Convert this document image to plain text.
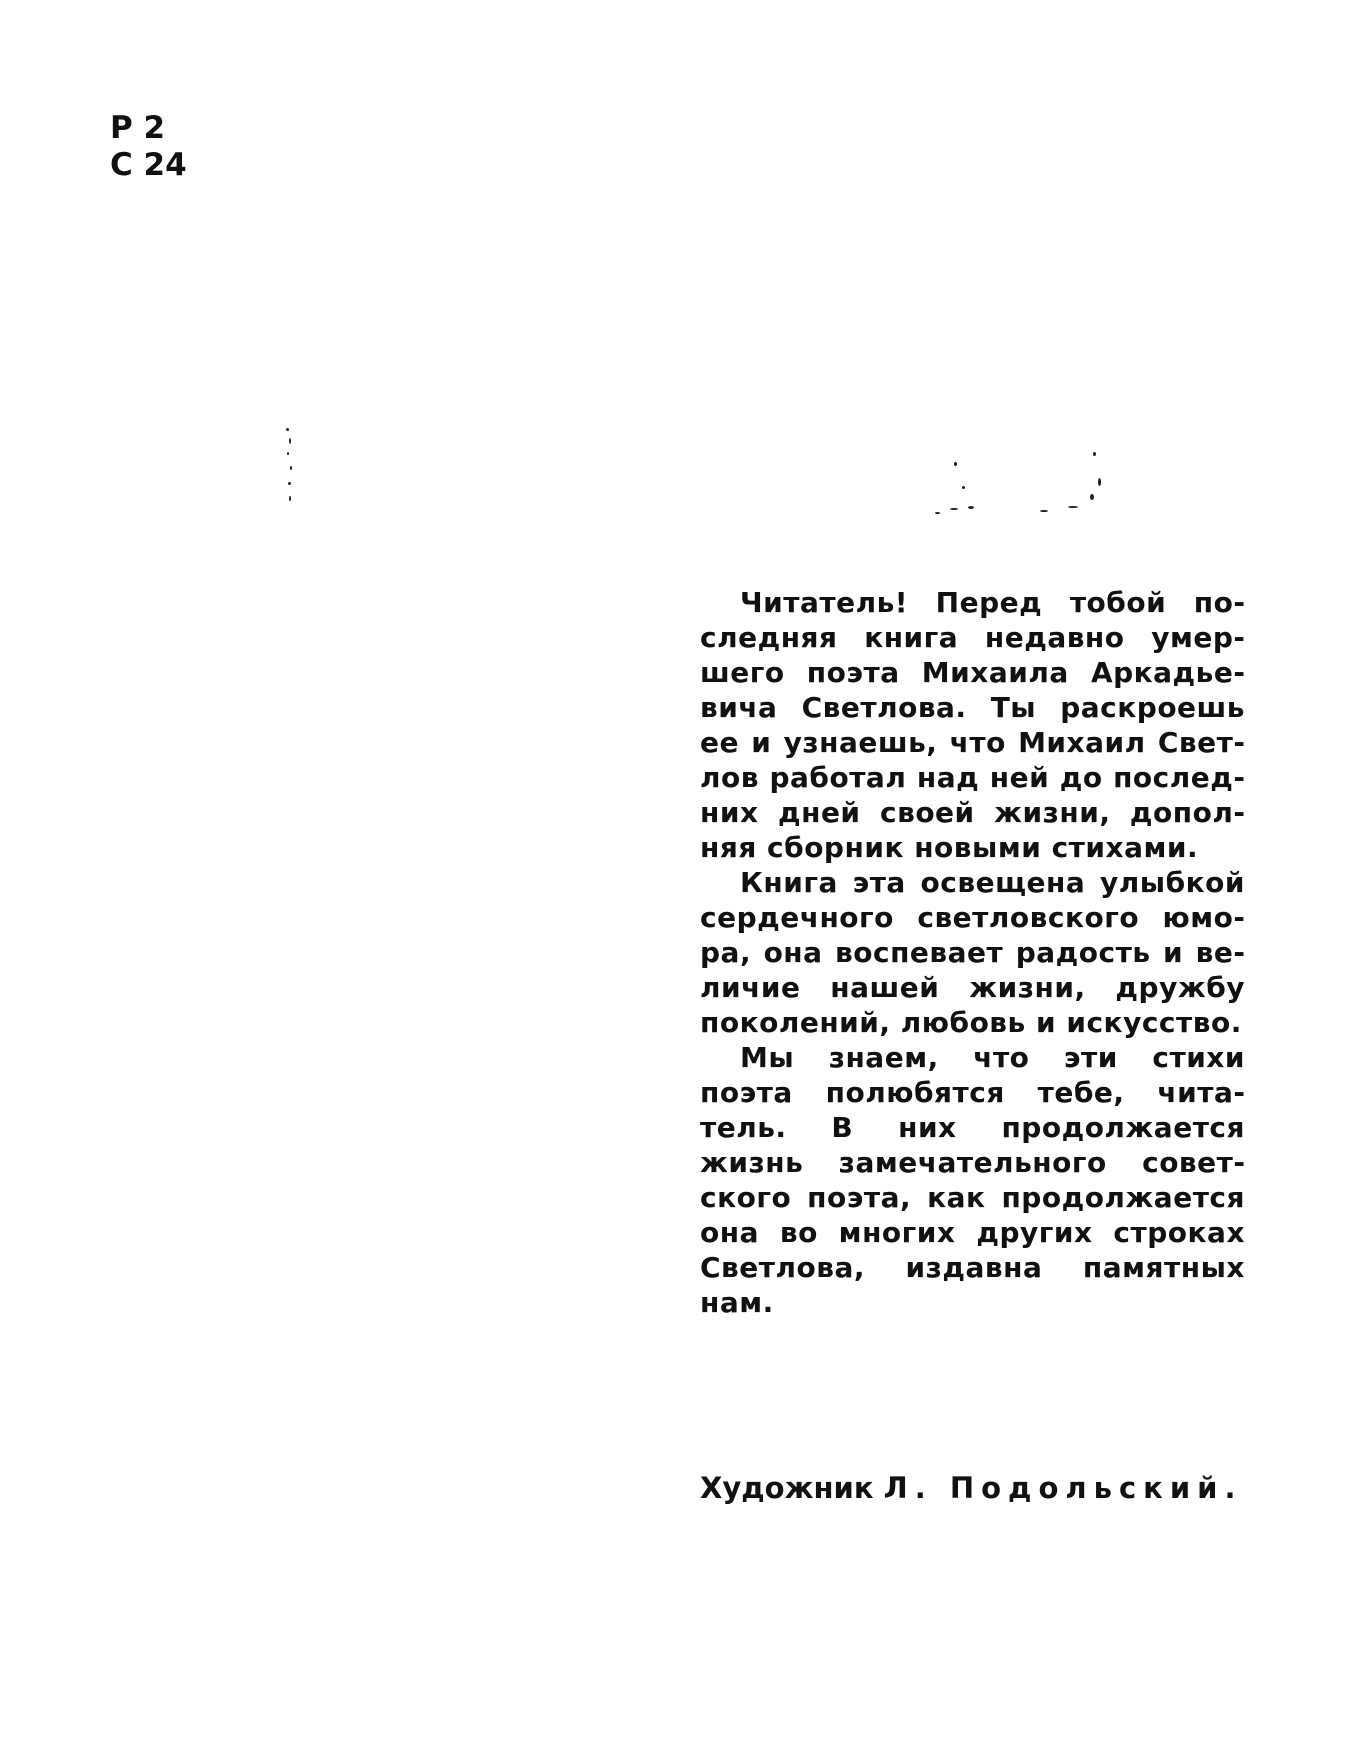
Р 2
С 24

Читатель! Перед тобой последняя книга недавно умершего поэта Михаила Аркадьевича Светлова. Ты раскроешь ее и узнаешь, что Михаил Светлов работал над ней до последних дней своей жизни, дополняя сборник новыми стихами.

Книга эта освещена улыбкой сердечного светловского юмора, она воспевает радость и величие нашей жизни, дружбу поколений, любовь и искусство.

Мы знаем, что эти стихи поэта полюбятся тебе, читатель. В них продолжается жизнь замечательного советского поэта, как продолжается она во многих других строках Светлова, издавна памятных нам.

Художник Л. Подольский.
